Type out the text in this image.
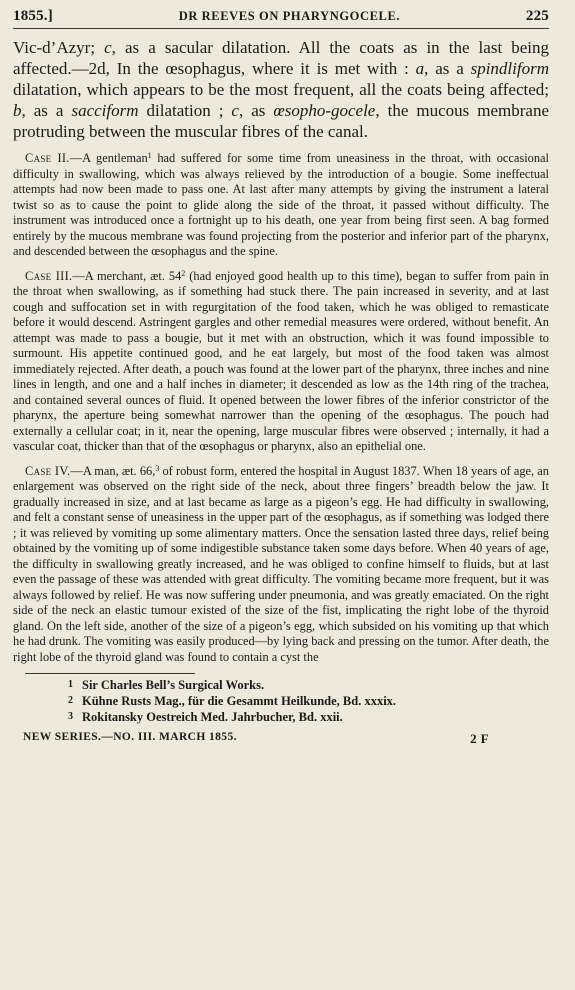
1855.]	DR REEVES ON PHARYNGOCELE.	225
Vic-d’Azyr; c, as a sacular dilatation. All the coats as in the last being affected.—2d, In the œsophagus, where it is met with : a, as a spindliform dilatation, which appears to be the most frequent, all the coats being affected; b, as a sacciform dilatation ; c, as œsopho-gocele, the mucous membrane protruding between the muscular fibres of the canal.

Case II.—A gentleman$^1$ had suffered for some time from uneasiness in the throat, with occasional difficulty in swallowing, which was always relieved by the introduction of a bougie. Some ineffectual attempts had now been made to pass one. At last after many attempts by giving the instrument a lateral twist so as to cause the point to glide along the side of the throat, it passed without difficulty. The instrument was introduced once a fortnight up to his death, one year from being first seen. A bag formed entirely by the mucous membrane was found projecting from the posterior and inferior part of the pharynx, and descended between the œsophagus and the spine.

Case III.—A merchant, æt. $54^2$ (had enjoyed good health up to this time), began to suffer from pain in the throat when swallowing, as if something had stuck there. The pain increased in severity, and at last cough and suffocation set in with regurgitation of the food taken, which he was obliged to remasticate before it would descend. Astringent gargles and other remedial measures were ordered, without benefit. An attempt was made to pass a bougie, but it met with an obstruction, which it was found impossible to surmount. His appetite continued good, and he eat largely, but most of the food taken was almost immediately rejected. After death, a pouch was found at the lower part of the pharynx, three inches and nine lines in length, and one and a half inches in diameter; it descended as low as the 14th ring of the trachea, and contained several ounces of fluid. It opened between the lower fibres of the inferior constrictor of the pharynx, the aperture being somewhat narrower than the opening of the œsophagus. The pouch had externally a cellular coat; in it, near the opening, large muscular fibres were observed ; internally, it had a vascular coat, thicker than that of the œsophagus or pharynx, also an epithelial one.

Case IV.—A man, æt. 66,$^3$ of robust form, entered the hospital in August 1837. When 18 years of age, an enlargement was observed on the right side of the neck, about three fingers’ breadth below the jaw. It gradually increased in size, and at last became as large as a pigeon’s egg. He had difficulty in swallowing, and felt a constant sense of uneasiness in the upper part of the œsophagus, as if something was lodged there ; it was relieved by vomiting up some alimentary matters. Once the sensation lasted three days, relief being obtained by the vomiting up of some indigestible substance taken some days before. When 40 years of age, the difficulty in swallowing greatly increased, and he was obliged to confine himself to fluids, but at last even the passage of these was attended with great difficulty. The vomiting became more frequent, but it was always followed by relief. He was now suffering under pneumonia, and was greatly emaciated. On the right side of the neck an elastic tumour existed of the size of the fist, implicating the right lobe of the thyroid gland. On the left side, another of the size of a pigeon’s egg, which subsided on his vomiting up that which he had drunk. The vomiting was easily produced—by lying back and pressing on the tumor. After death, the right lobe of the thyroid gland was found to contain a cyst the

1 Sir Charles Bell’s Surgical Works.
2 Kühne Rusts Mag., für die Gesammt Heilkunde, Bd. xxxix.
3 Rokitansky Oestreich Med. Jahrbucher, Bd. xxii.
NEW SERIES.—NO. III. MARCH 1855.	2 F
